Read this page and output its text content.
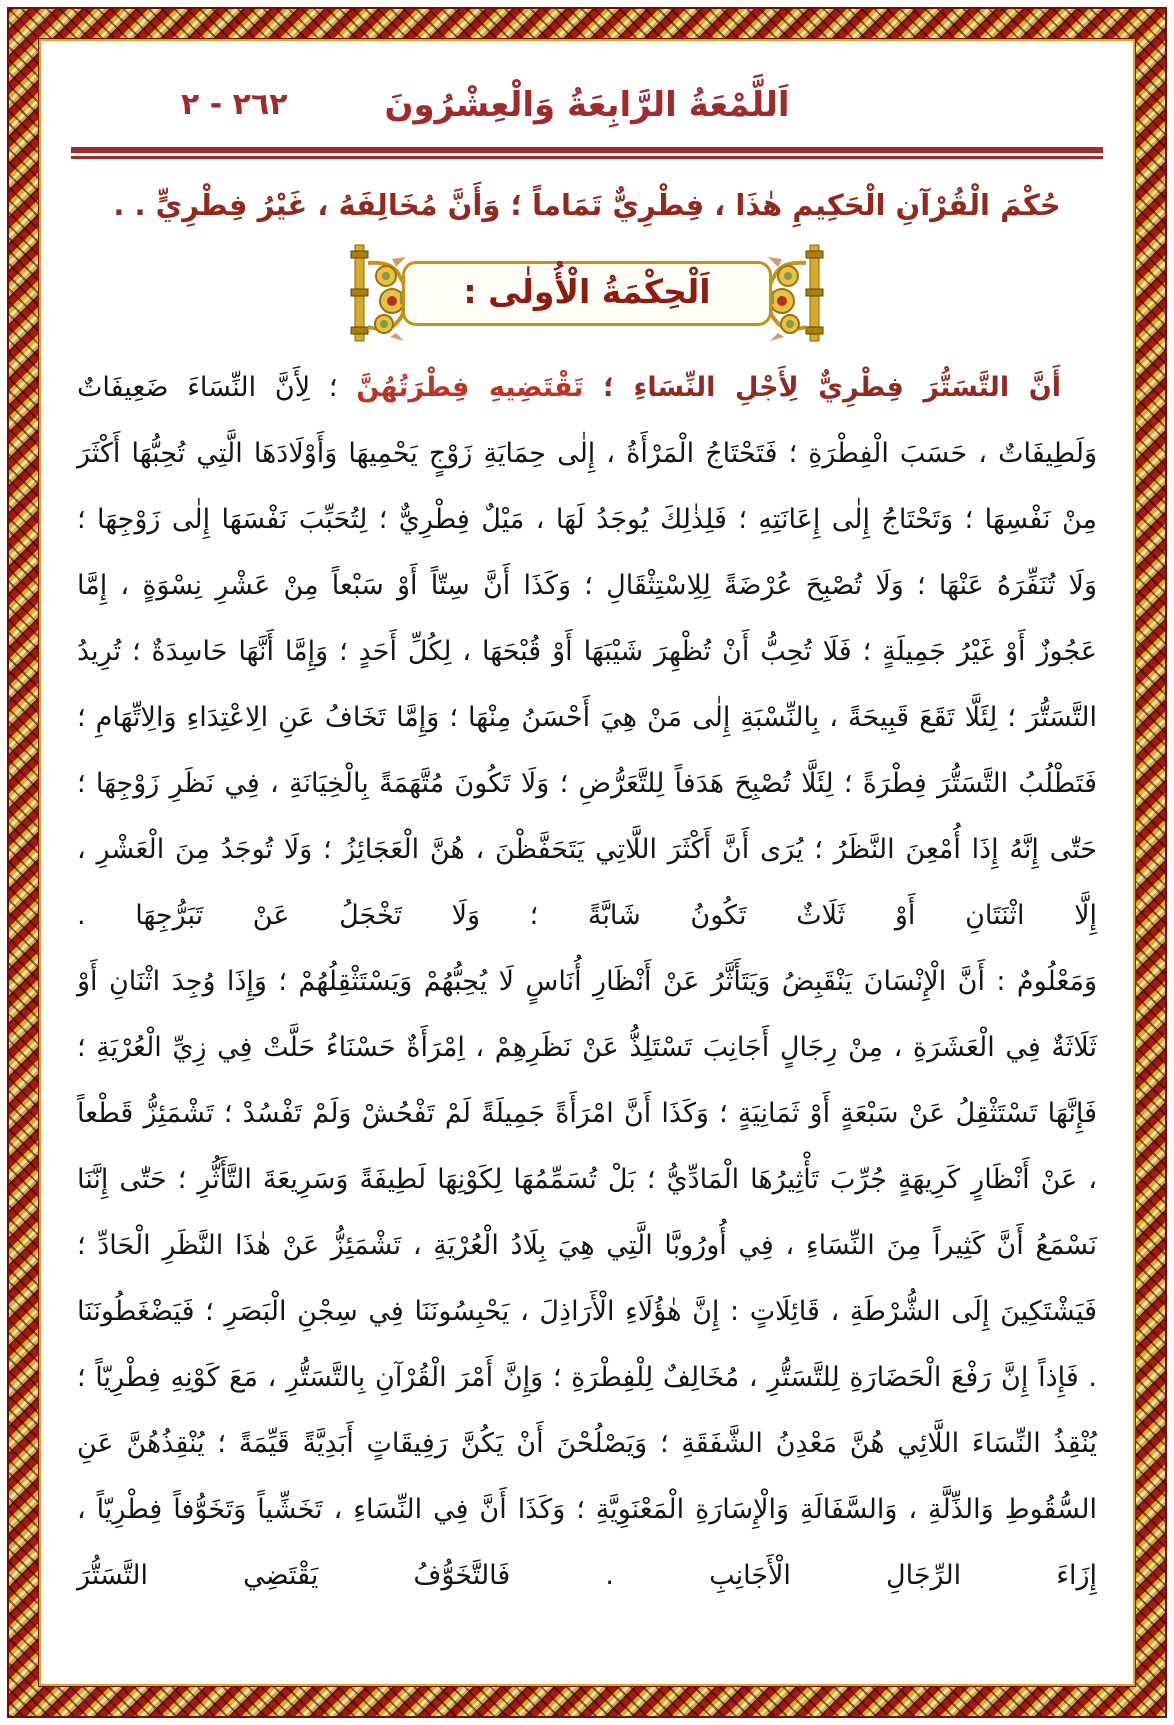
اَللَّمْعَةُ الرَّابِعَةُ وَالْعِشْرُونَ
٢٦٢ - ٢
حُكْمَ الْقُرْآنِ الْحَكِيمِ هٰذَا ، فِطْرِيٌّ تَمَاماً ؛ وَأَنَّ مُخَالِفَهُ ، غَيْرُ فِطْرِيٍّ . .
اَلْحِكْمَةُ الْأُولٰى :

أَنَّ التَّسَتُّرَ فِطْرِيٌّ لِأَجْلِ النِّسَاءِ ؛ تَقْتَضِيهِ فِطْرَتُهُنَّ ؛ لِأَنَّ النِّسَاءَ ضَعِيفَاتٌ وَلَطِيفَاتٌ ، حَسَبَ الْفِطْرَةِ ؛ فَتَحْتَاجُ الْمَرْأَةُ ، إِلٰى حِمَايَةِ زَوْجٍ يَحْمِيهَا وَأَوْلَادَهَا الَّتِي تُحِبُّهَا أَكْثَرَ مِنْ نَفْسِهَا ؛ وَتَحْتَاجُ إِلٰى إِعَانَتِهِ ؛ فَلِذٰلِكَ يُوجَدُ لَهَا ، مَيْلٌ فِطْرِيٌّ ؛ لِتُحَبِّبَ نَفْسَهَا إِلٰى زَوْجِهَا ؛ وَلَا تُنَفِّرَهُ عَنْهَا ؛ وَلَا تُصْبِحَ عُرْضَةً لِلِاسْتِثْقَالِ ؛ وَكَذَا أَنَّ سِتّاً أَوْ سَبْعاً مِنْ عَشْرِ نِسْوَةٍ ، إِمَّا عَجُوزٌ أَوْ غَيْرُ جَمِيلَةٍ ؛ فَلَا تُحِبُّ أَنْ تُظْهِرَ شَيْبَهَا أَوْ قُبْحَهَا ، لِكُلِّ أَحَدٍ ؛ وَإِمَّا أَنَّهَا حَاسِدَةٌ ؛ تُرِيدُ التَّسَتُّرَ ؛ لِئَلَّا تَقَعَ قَبِيحَةً ، بِالنِّسْبَةِ إِلٰى مَنْ هِيَ أَحْسَنُ مِنْهَا ؛ وَإِمَّا تَخَافُ عَنِ الِاعْتِدَاءِ وَالِاتِّهَامِ ؛ فَتَطْلُبُ التَّسَتُّرَ فِطْرَةً ؛ لِئَلَّا تُصْبِحَ هَدَفاً لِلتَّعَرُّضِ ؛ وَلَا تَكُونَ مُتَّهَمَةً بِالْخِيَانَةِ ، فِي نَظَرِ زَوْجِهَا ؛ حَتّٰى إِنَّهُ إِذَا أُمْعِنَ النَّظَرُ ؛ يُرَى أَنَّ أَكْثَرَ اللَّاتِي يَتَحَفَّظْنَ ، هُنَّ الْعَجَائِزُ ؛ وَلَا تُوجَدُ مِنَ الْعَشْرِ ، إِلَّا اثْنَتَانِ أَوْ ثَلَاثٌ تَكُونُ شَابَّةً ؛ وَلَا تَخْجَلُ عَنْ تَبَرُّجِهَا .

وَمَعْلُومٌ : أَنَّ الْإِنْسَانَ يَنْقَبِضُ وَيَتَأَثَّرُ عَنْ أَنْظَارِ أُنَاسٍ لَا يُحِبُّهُمْ وَيَسْتَثْقِلُهُمْ ؛ وَإِذَا وُجِدَ اثْنَانِ أَوْ ثَلَاثَةٌ فِي الْعَشَرَةِ ، مِنْ رِجَالٍ أَجَانِبَ تَسْتَلِذُّ عَنْ نَظَرِهِمْ ، اِمْرَأَةٌ حَسْنَاءُ حَلَّتْ فِي زِيِّ الْعُرْيَةِ ؛ فَإِنَّهَا تَسْتَثْقِلُ عَنْ سَبْعَةٍ أَوْ ثَمَانِيَةٍ ؛ وَكَذَا أَنَّ امْرَأَةً جَمِيلَةً لَمْ تَفْحُشْ وَلَمْ تَفْسُدْ ؛ تَشْمَئِزُّ قَطْعاً ، عَنْ أَنْظَارٍ كَرِيهَةٍ جُرِّبَ تَأْثِيرُهَا الْمَادِّيُّ ؛ بَلْ تُسَمِّمُهَا لِكَوْنِهَا لَطِيفَةً وَسَرِيعَةَ التَّأَثُّرِ ؛ حَتّٰى إِنَّنَا نَسْمَعُ أَنَّ كَثِيراً مِنَ النِّسَاءِ ، فِي أُورُوبَّا الَّتِي هِيَ بِلَادُ الْعُرْيَةِ ، تَشْمَئِزُّ عَنْ هٰذَا النَّظَرِ الْحَادِّ ؛ فَيَشْتَكِينَ إِلَى الشُّرْطَةِ ، قَائِلَاتٍ : إِنَّ هٰؤُلَاءِ الْأَرَاذِلَ ، يَحْبِسُونَنَا فِي سِجْنِ الْبَصَرِ ؛ فَيَضْغَطُونَنَا . فَإِذاً إِنَّ رَفْعَ الْحَضَارَةِ لِلتَّسَتُّرِ ، مُخَالِفٌ لِلْفِطْرَةِ ؛ وَإِنَّ أَمْرَ الْقُرْآنِ بِالتَّسَتُّرِ ، مَعَ كَوْنِهِ فِطْرِيّاً ؛ يُنْقِذُ النِّسَاءَ اللَّائِي هُنَّ مَعْدِنُ الشَّفَقَةِ ؛ وَيَصْلُحْنَ أَنْ يَكُنَّ رَفِيقَاتٍ أَبَدِيَّةً قَيِّمَةً ؛ يُنْقِذُهُنَّ عَنِ السُّقُوطِ وَالذِّلَّةِ ، وَالسَّفَالَةِ وَالْإِسَارَةِ الْمَعْنَوِيَّةِ ؛ وَكَذَا أَنَّ فِي النِّسَاءِ ، تَخَشِّياً وَتَخَوُّفاً فِطْرِيّاً ، إِزَاءَ الرِّجَالِ الْأَجَانِبِ . فَالتَّخَوُّفُ يَقْتَضِي التَّسَتُّرَ
